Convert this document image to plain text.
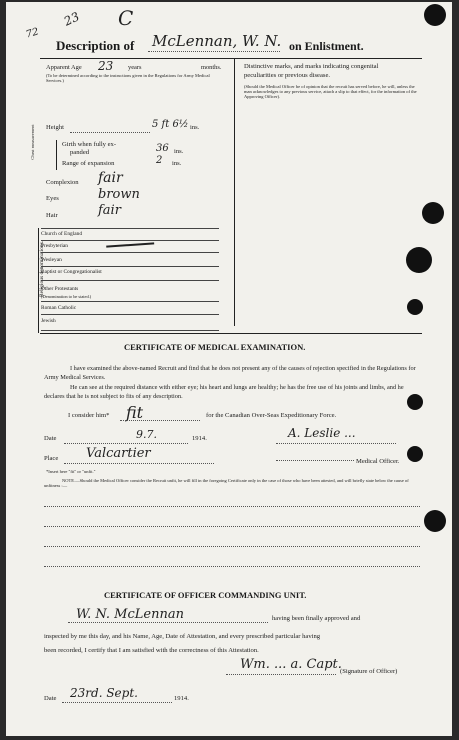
72
23 C
Description of McLennan, W. N. on Enlistment.
Apparent Age 23 years	months.
(To be determined according to the instructions given in the Regulations for Army Medical Services.)
Height	5 ft 6½ ins.
Chest measurement	Girth when fully ex-
panded	36 ins.
Range of expansion	2 ins.
Complexion fair
Eyes	brown
Hair	fair
Religious denominations.
Church of England
Presbyterian
Wesleyan
Baptist or Congregationalist
Other Protestants
(Denomination to be stated.)
Roman Catholic
Jewish
Distinctive marks, and marks indicating congenital
peculiarities or previous disease.
(Should the Medical Officer be of opinion that the recruit has served before, he will, unless the man acknowledges to any previous service, attach a slip to that effect, for the information of the Approving Officer).
CERTIFICATE OF MEDICAL EXAMINATION.
I have examined the above-named Recruit and find that he does not present any of the causes of rejection specified in the Regulations for Army Medical Services.
He can see at the required distance with either eye; his heart and lungs are healthy; he has the free use of his joints and limbs, and he declares that he is not subject to fits of any description.
I consider him* fit	for the Canadian Over-Seas Expeditionary Force.
Date	9.7.	1914.	A. Leslie ...
Place Valcartier
Medical Officer.
*Insert here "fit" or "unfit."
NOTE.—Should the Medical Officer consider the Recruit unfit, he will fill in the foregoing Certificate only in the case of those who have been attested, and will briefly state below the cause of unfitness :—
CERTIFICATE OF OFFICER COMMANDING UNIT.
W. N. McLennan	having been finally approved and
inspected by me this day, and his Name, Age, Date of Attestation, and every prescribed particular having
been recorded, I certify that I am satisfied with the correctness of this Attestation.
Wm. ... a. Capt.
(Signature of Officer)
Date 23rd. Sept.	1914.
